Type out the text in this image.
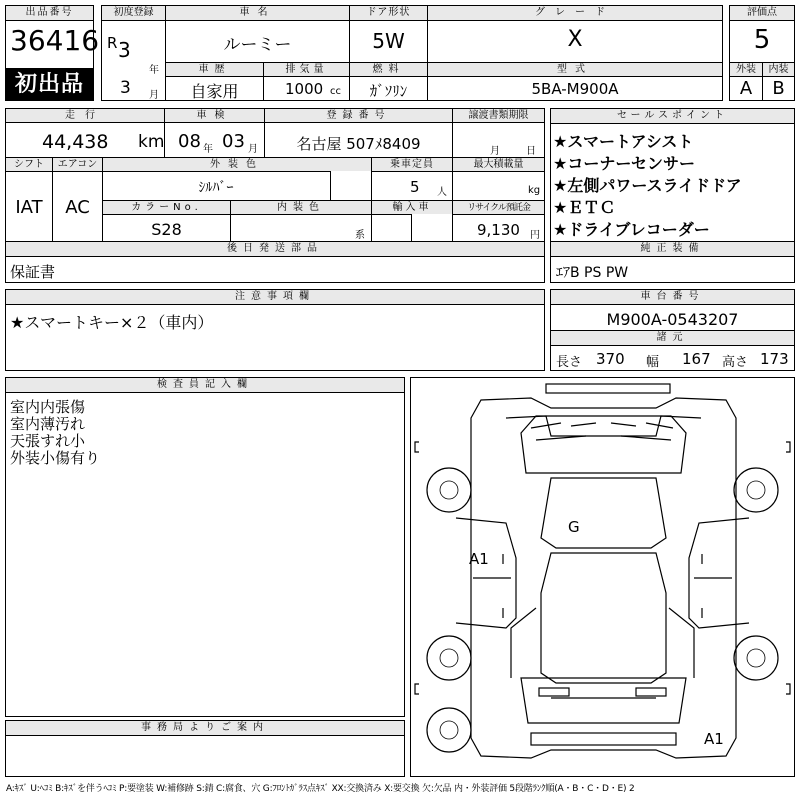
出品番号
36416
初出品
初度登録
R 3
年
3 月
車名
ルーミー
ドア形状
5W
グレード
X
評価点
5
車歴
自家用
排気量
1000 cc
燃料
ｶﾞｿﾘﾝ
型式
5BA-M900A
外装
A
内装
B
走行
44,438 km
車検
08 年 03 月
登録番号
名古屋 507ﾒ8409
譲渡書類期限
月	日
シフト
IAT
エアコン
AC
外装色
ｼﾙﾊﾞｰ
乗車定員
5 人
最大積載量
kg
カラーNo.
S28
内装色
系
輸入車	リサイクル預託金
9,130 円
セールスポイント
★スマートアシスト
★コーナーセンサー
★左側パワースライドドア
★ＥＴＣ
★ドライブレコーダー
後日発送部品
保証書
純正装備
ｴｱB PS PW
注意事項欄
★スマートキー×２（車内）
車台番号
M900A-0543207
諸元
長さ 370 幅 167 高さ 173
検査員記入欄
室内内張傷
室内薄汚れ
天張すれ小
外装小傷有り
事務局よりご案内
G
A1
A1
A:ｷｽﾞ U:ﾍｺﾐ B:ｷｽﾞを伴うﾍｺﾐ P:要塗装 W:補修跡 S:錆 C:腐食、穴 G:ﾌﾛﾝﾄｶﾞﾗｽ点ｷｽﾞ XX:交換済み X:要交換 欠:欠品 内・外装評価 5段階ﾗﾝｸ順(A・B・C・D・E) 2
